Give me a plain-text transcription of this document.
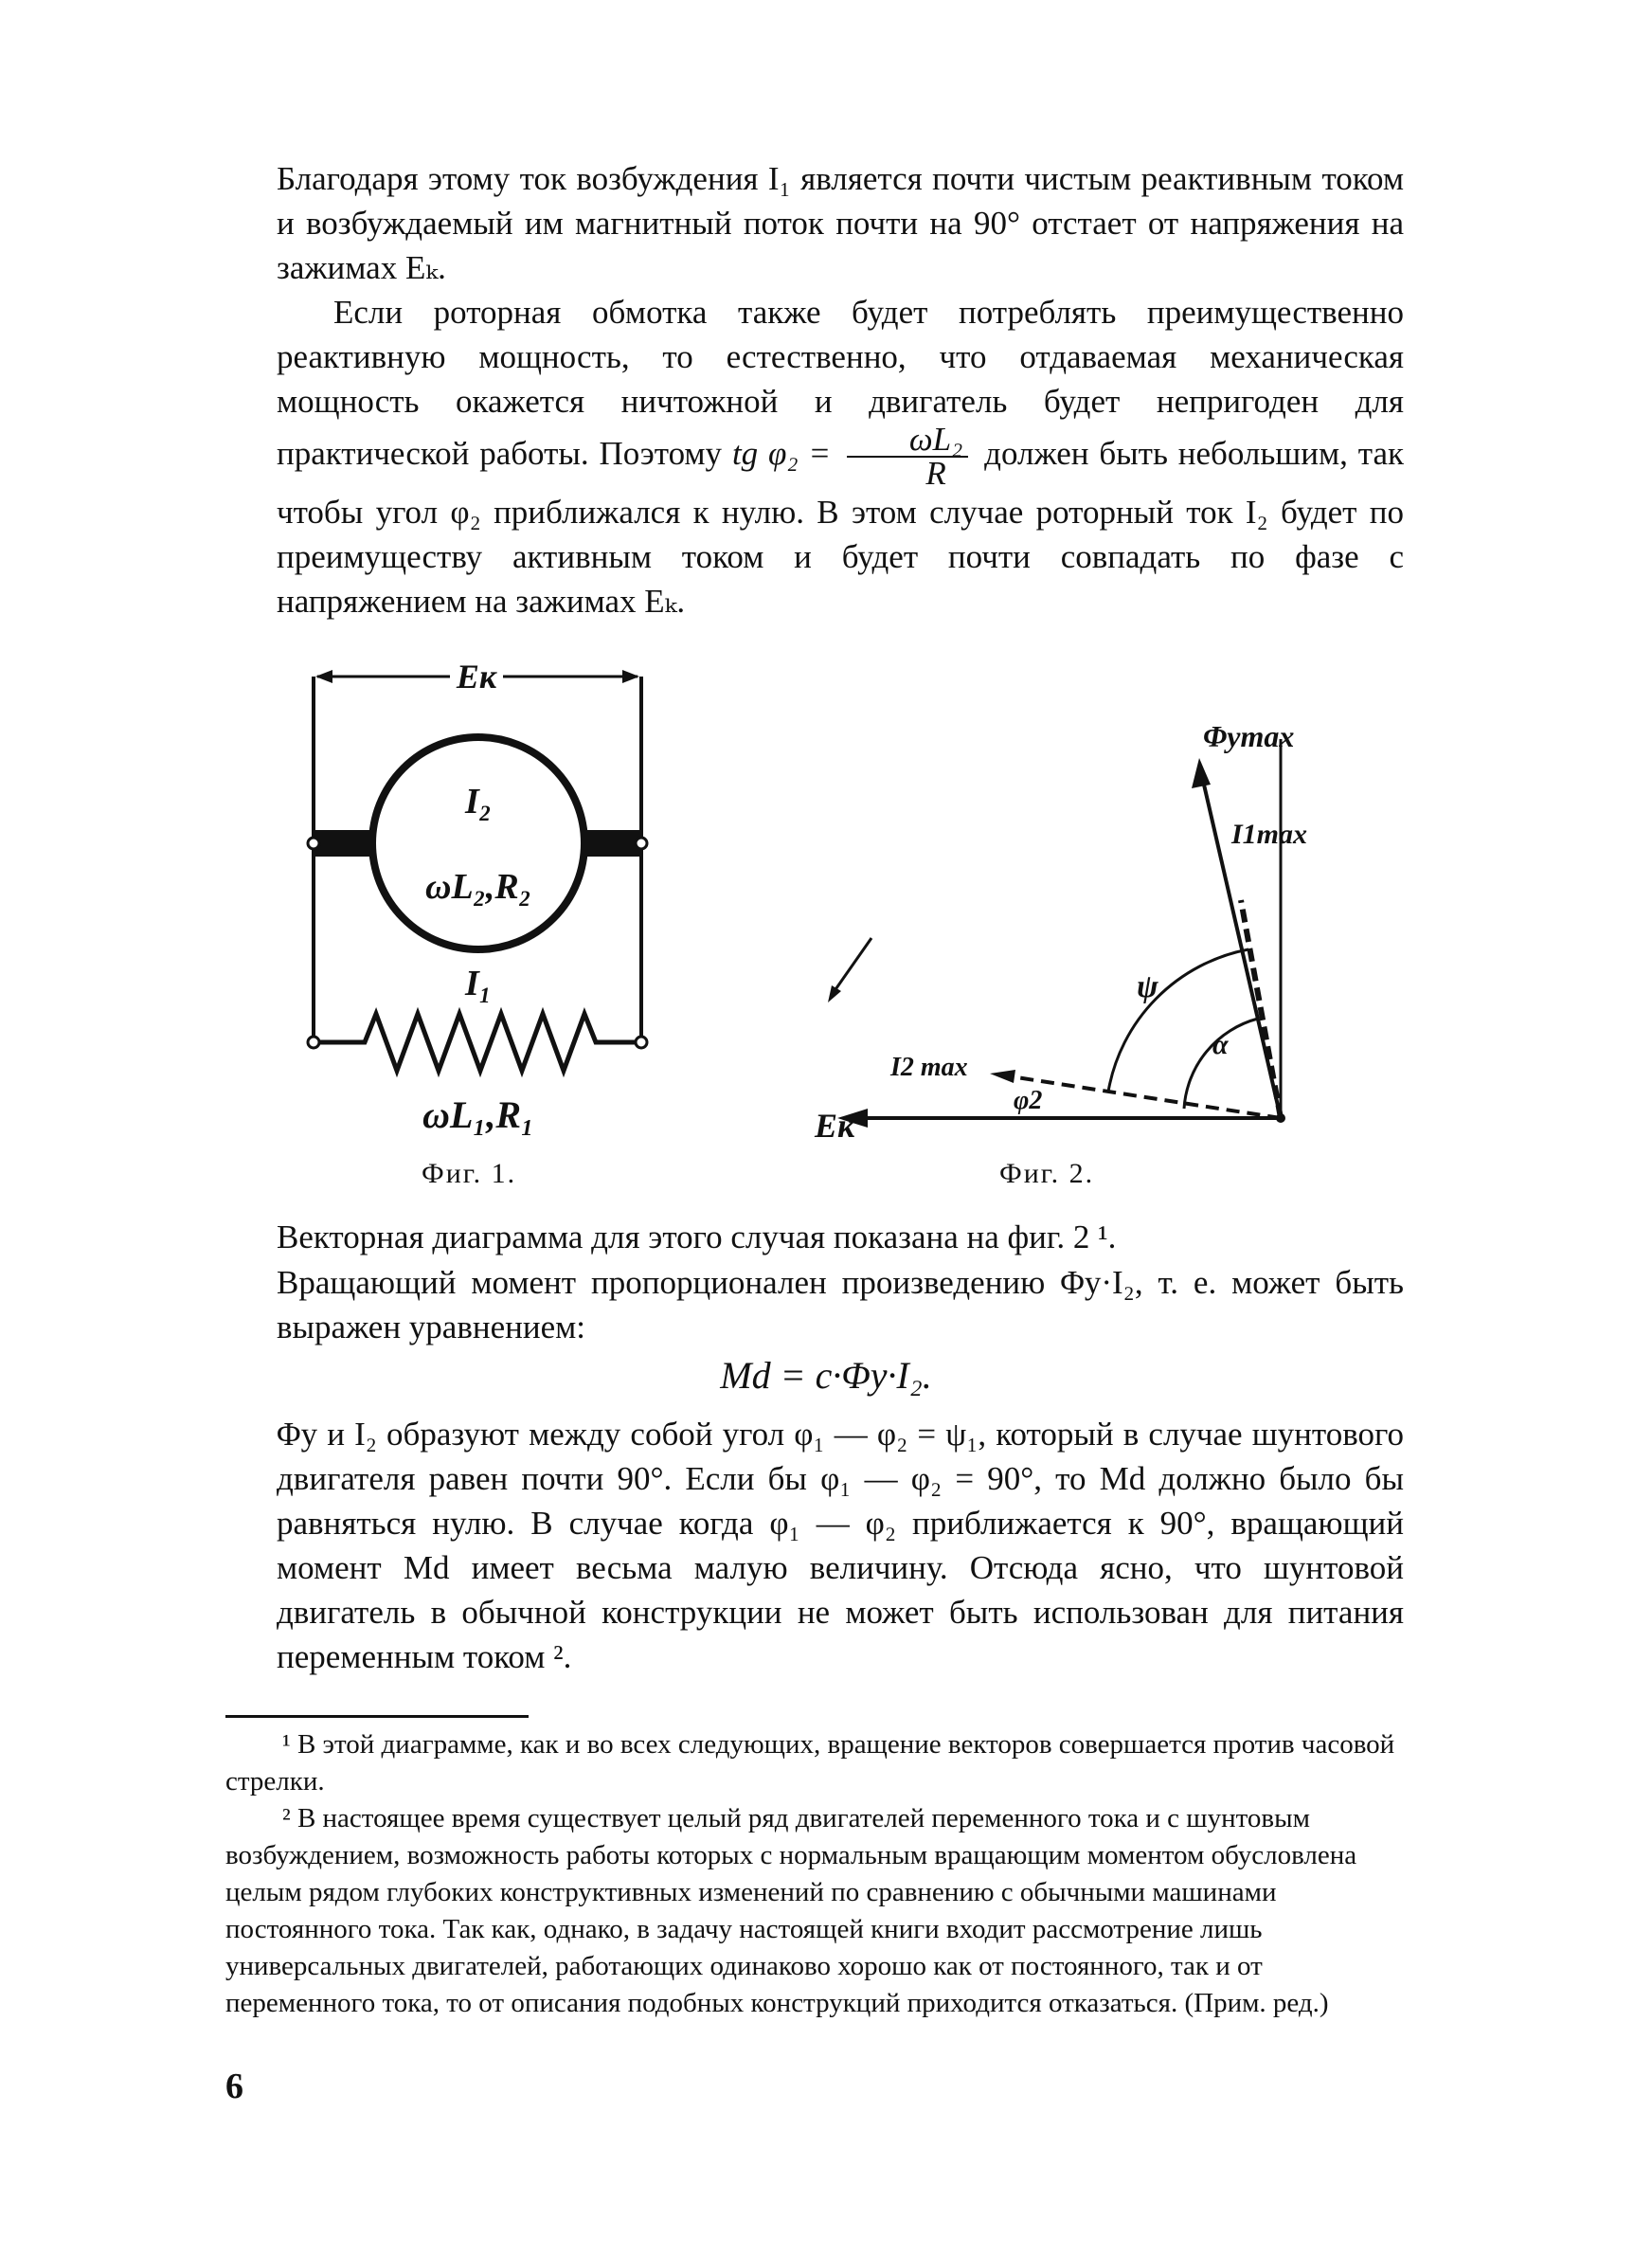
Благодаря этому ток возбуждения I₁ является почти чистым реактивным током и возбуждаемый им магнитный поток почти на 90° отстает от напряжения на зажимах Eₖ.

Если роторная обмотка также будет потреблять преимущественно реактивную мощность, то естественно, что отдаваемая механическая мощность окажется ничтожной и двигатель будет непригоден для практической работы. Поэтому tg $\varphi_2 = \frac{\text{ωL₂}}{R}$ должен быть небольшим, так чтобы угол φ₂ приближался к нулю. В этом случае роторный ток I₂ будет по преимуществу активным током и будет почти совпадать по фазе с напряжением на зажимах Eₖ.

Eк
I₂
ωL₂,R₂
I₁
ωL₁,R₁
Фиг. 1.
Φymax
I1max
Eк
I2 max
φ2
ψ
α
Фиг. 2.

Векторная диаграмма для этого случая показана на фиг. 2 ¹.

Вращающий момент пропорционален произведению Φy·I₂, т. е. может быть выражен уравнением:

Md = c·Φy·I₂.

Φy и I₂ образуют между собой угол φ₁ — φ₂ = ψ₁, который в случае шунтового двигателя равен почти 90°. Если бы φ₁ — φ₂ = 90°, то Md должно было бы равняться нулю. В случае когда φ₁ — φ₂ приближается к 90°, вращающий момент Md имеет весьма малую величину. Отсюда ясно, что шунтовой двигатель в обычной конструкции не может быть использован для питания переменным током ².

¹ В этой диаграмме, как и во всех следующих, вращение векторов совершается против часовой стрелки.

² В настоящее время существует целый ряд двигателей переменного тока и с шунтовым возбуждением, возможность работы которых с нормальным вращающим моментом обусловлена целым рядом глубоких конструктивных изменений по сравнению с обычными машинами постоянного тока. Так как, однако, в задачу настоящей книги входит рассмотрение лишь универсальных двигателей, работающих одинаково хорошо как от постоянного, так и от переменного тока, то от описания подобных конструкций приходится отказаться. (Прим. ред.)

6
